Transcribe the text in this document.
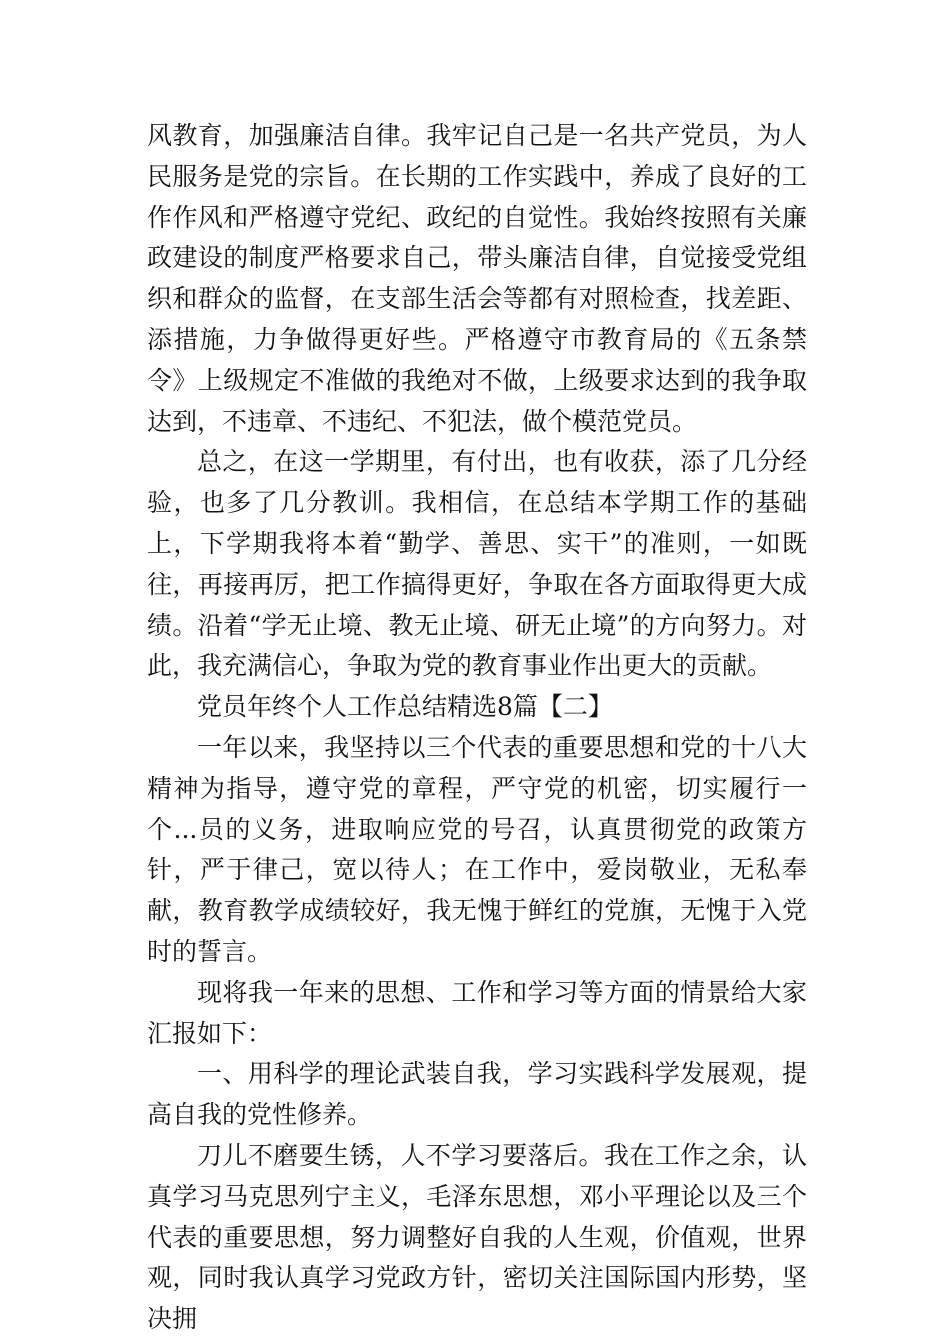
风教育，加强廉洁自律。我牢记自己是一名共产党员，为人民服务是党的宗旨。在长期的工作实践中，养成了良好的工作作风和严格遵守党纪、政纪的自觉性。我始终按照有关廉政建设的制度严格要求自己，带头廉洁自律，自觉接受党组织和群众的监督，在支部生活会等都有对照检查，找差距、添措施，力争做得更好些。严格遵守市教育局的《五条禁令》上级规定不准做的我绝对不做，上级要求达到的我争取达到，不违章、不违纪、不犯法，做个模范党员。

总之，在这一学期里，有付出，也有收获，添了几分经验，也多了几分教训。我相信，在总结本学期工作的基础上，下学期我将本着“勤学、善思、实干”的准则，一如既往，再接再厉，把工作搞得更好，争取在各方面取得更大成绩。沿着“学无止境、教无止境、研无止境”的方向努力。对此，我充满信心，争取为党的教育事业作出更大的贡献。

党员年终个人工作总结精选8篇【二】

一年以来，我坚持以三个代表的重要思想和党的十八大精神为指导，遵守党的章程，严守党的机密，切实履行一个...员的义务，进取响应党的号召，认真贯彻党的政策方针，严于律己，宽以待人；在工作中，爱岗敬业，无私奉献，教育教学成绩较好，我无愧于鲜红的党旗，无愧于入党时的誓言。

现将我一年来的思想、工作和学习等方面的情景给大家汇报如下：

一、用科学的理论武装自我，学习实践科学发展观，提高自我的党性修养。

刀儿不磨要生锈，人不学习要落后。我在工作之余，认真学习马克思列宁主义，毛泽东思想，邓小平理论以及三个代表的重要思想，努力调整好自我的人生观，价值观，世界观，同时我认真学习党政方针，密切关注国际国内形势，坚决拥
